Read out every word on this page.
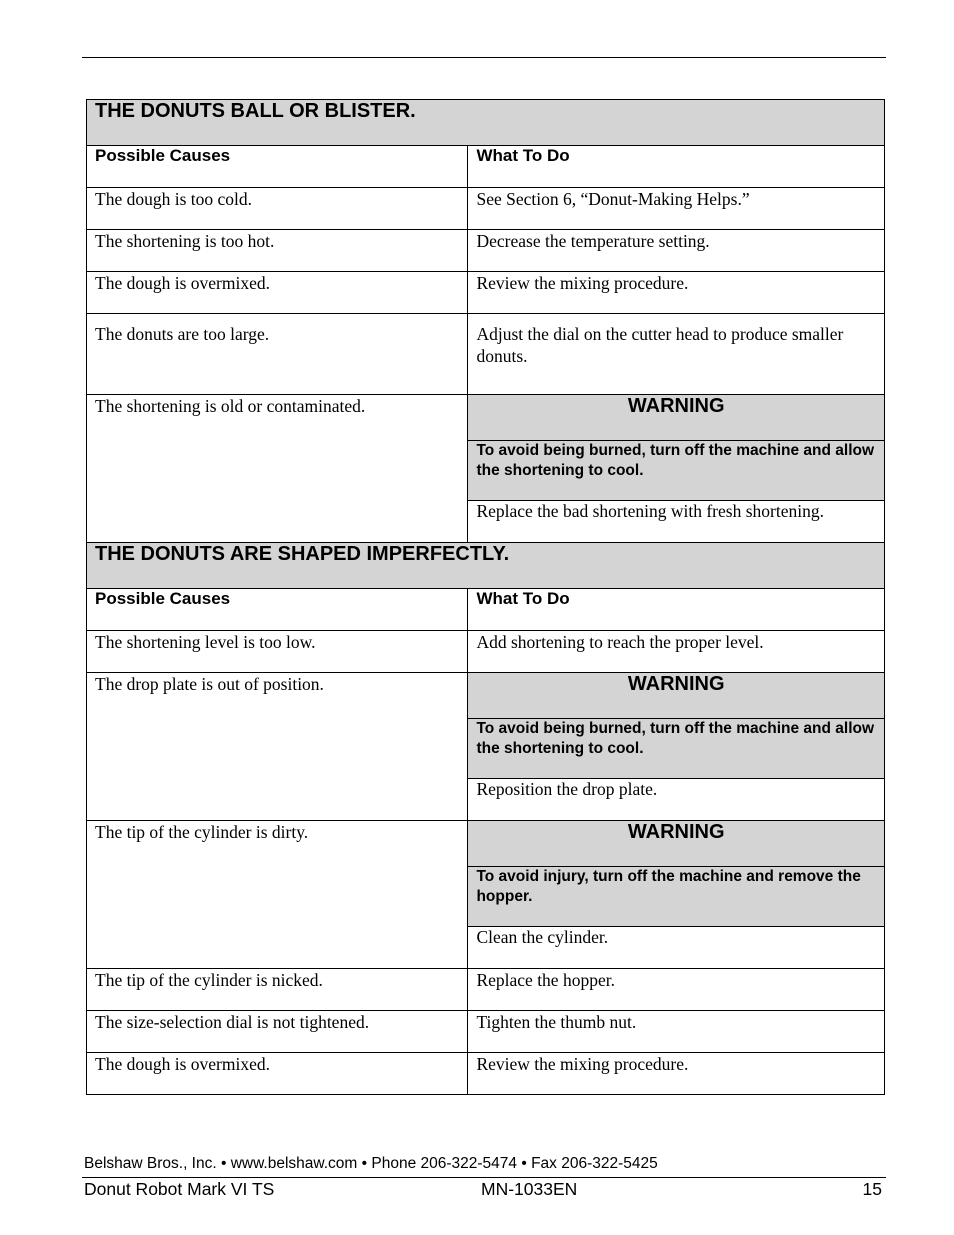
THE DONUTS BALL OR BLISTER.	
Possible Causes	What To Do
The dough is too cold.	See Section 6, “Donut-Making Helps.”
The shortening is too hot.	Decrease the temperature setting.
The dough is overmixed.	Review the mixing procedure.
The donuts are too large.	Adjust the dial on the cutter head to produce smaller donuts.
The shortening is old or contaminated.	WARNING
	To avoid being burned, turn off the machine and allow the shortening to cool.
	Replace the bad shortening with fresh shortening.
THE DONUTS ARE SHAPED IMPERFECTLY.	
Possible Causes	What To Do
The shortening level is too low.	Add shortening to reach the proper level.
The drop plate is out of position.	WARNING
	To avoid being burned, turn off the machine and allow the shortening to cool.
	Reposition the drop plate.
The tip of the cylinder is dirty.	WARNING
	To avoid injury, turn off the machine and remove the hopper.
	Clean the cylinder.
The tip of the cylinder is nicked.	Replace the hopper.
The size-selection dial is not tightened.	Tighten the thumb nut.
The dough is overmixed.	Review the mixing procedure.
Belshaw Bros., Inc. • www.belshaw.com • Phone 206-322-5474 • Fax 206-322-5425
Donut Robot Mark VI TS	MN-1033EN	15
